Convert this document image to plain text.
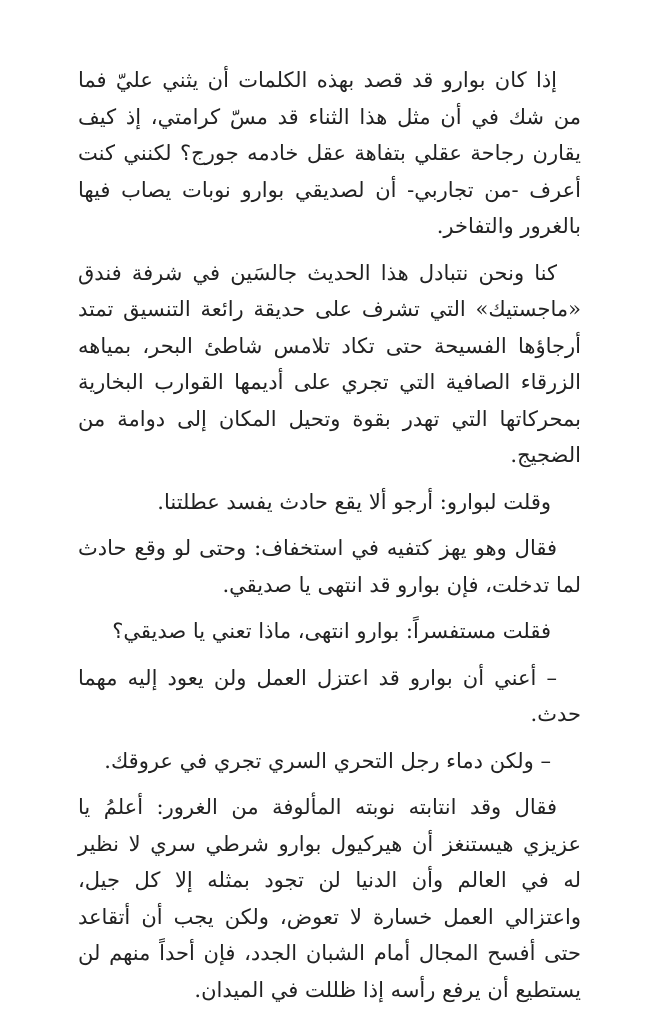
إذا كان بوارو قد قصد بهذه الكلمات أن يثني عليّ فما من شك في أن مثل هذا الثناء قد مسّ كرامتي، إذ كيف يقارن رجاحة عقلي بتفاهة عقل خادمه جورج؟ لكنني كنت أعرف -من تجاربي- أن لصديقي بوارو نوبات يصاب فيها بالغرور والتفاخر.

كنا ونحن نتبادل هذا الحديث جالسَين في شرفة فندق «ماجستيك» التي تشرف على حديقة رائعة التنسيق تمتد أرجاؤها الفسيحة حتى تكاد تلامس شاطئ البحر، بمياهه الزرقاء الصافية التي تجري على أديمها القوارب البخارية بمحركاتها التي تهدر بقوة وتحيل المكان إلى دوامة من الضجيج.

وقلت لبوارو: أرجو ألا يقع حادث يفسد عطلتنا.

فقال وهو يهز كتفيه في استخفاف: وحتى لو وقع حادث لما تدخلت، فإن بوارو قد انتهى يا صديقي.

فقلت مستفسراً: بوارو انتهى، ماذا تعني يا صديقي؟

– أعني أن بوارو قد اعتزل العمل ولن يعود إليه مهما حدث.

– ولكن دماء رجل التحري السري تجري في عروقك.

فقال وقد انتابته نوبته المألوفة من الغرور: أعلمُ يا عزيزي هيستنغز أن هيركيول بوارو شرطي سري لا نظير له في العالم وأن الدنيا لن تجود بمثله إلا كل جيل، واعتزالي العمل خسارة لا تعوض، ولكن يجب أن أتقاعد حتى أفسح المجال أمام الشبان الجدد، فإن أحداً منهم لن يستطيع أن يرفع رأسه إذا ظللت في الميدان.
